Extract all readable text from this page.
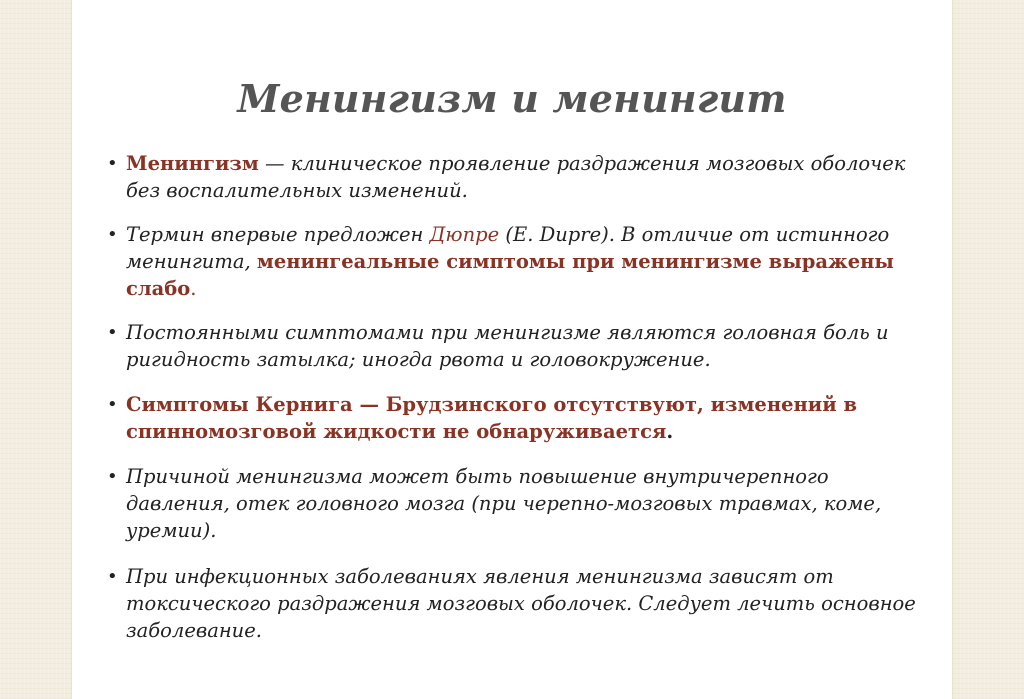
Менингизм и менингит
• Менингизм — клиническое проявление раздражения мозговых оболочек без воспалительных изменений.
• Термин впервые предложен Дюпре (E. Dupre). В отличие от истинного менингита, менингеальные симптомы при менингизме выражены слабо.
• Постоянными симптомами при менингизме являются головная боль и ригидность затылка; иногда рвота и головокружение.
• Симптомы Кернига — Брудзинского отсутствуют, изменений в спинномозговой жидкости не обнаруживается.
• Причиной менингизма может быть повышение внутричерепного давления, отек головного мозга (при черепно-мозговых травмах, коме, уремии).
• При инфекционных заболеваниях явления менингизма зависят от токсического раздражения мозговых оболочек. Следует лечить основное заболевание.
